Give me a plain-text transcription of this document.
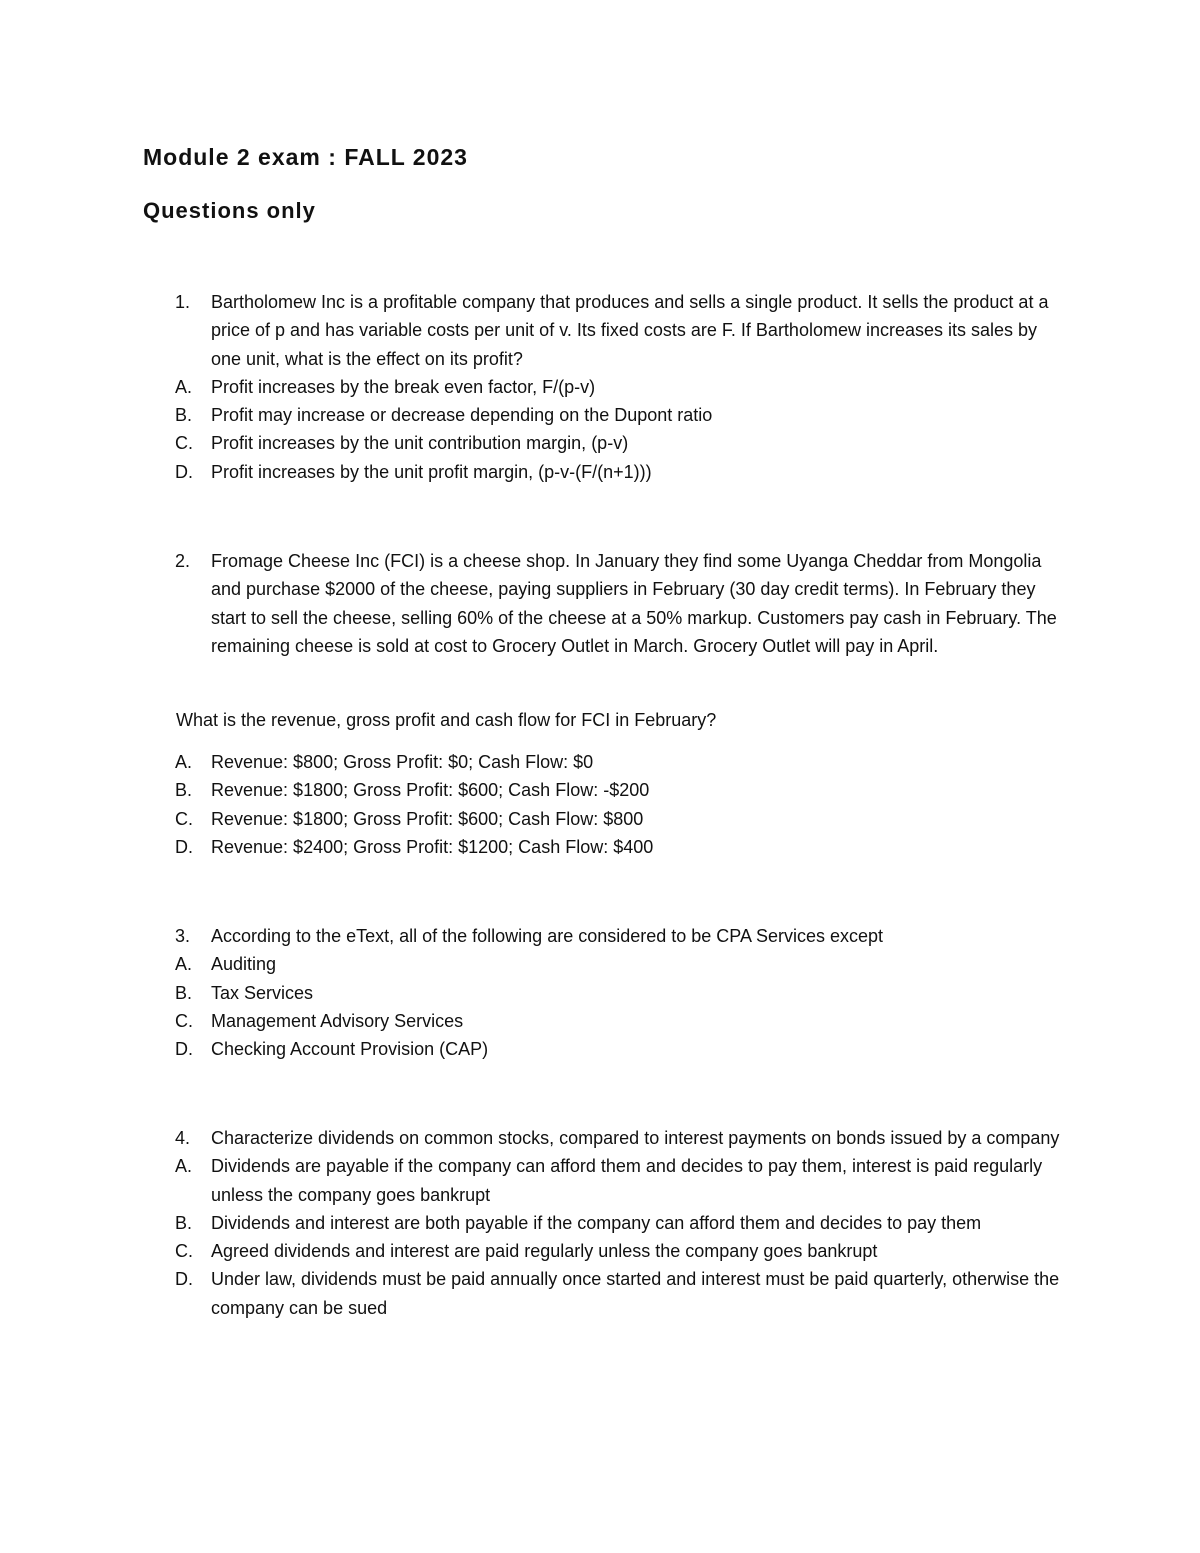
Module 2 exam : FALL 2023
Questions only
1.	Bartholomew Inc is a profitable company that produces and sells a single product. It sells the product at a price of p and has variable costs per unit of v. Its fixed costs are F. If Bartholomew increases its sales by one unit, what is the effect on its profit?
A.	Profit increases by the break even factor, F/(p-v)
B.	Profit may increase or decrease depending on the Dupont ratio
C.	Profit increases by the unit contribution margin, (p-v)
D.	Profit increases by the unit profit margin, (p-v-(F/(n+1)))
2.	Fromage Cheese Inc (FCI) is a cheese shop. In January they find some Uyanga Cheddar from Mongolia and purchase $2000 of the cheese, paying suppliers in February (30 day credit terms). In February they start to sell the cheese, selling 60% of the cheese at a 50% markup. Customers pay cash in February. The remaining cheese is sold at cost to Grocery Outlet in March. Grocery Outlet will pay in April.
What is the revenue, gross profit and cash flow for FCI in February?
A.	Revenue: $800; Gross Profit: $0; Cash Flow: $0
B.	Revenue: $1800; Gross Profit: $600; Cash Flow: -$200
C.	Revenue: $1800; Gross Profit: $600; Cash Flow: $800
D.	Revenue: $2400; Gross Profit: $1200; Cash Flow: $400
3.	According to the eText, all of the following are considered to be CPA Services except
A.	Auditing
B.	Tax Services
C.	Management Advisory Services
D.	Checking Account Provision (CAP)
4.	Characterize dividends on common stocks, compared to interest payments on bonds issued by a company
A.	Dividends are payable if the company can afford them and decides to pay them, interest is paid regularly unless the company goes bankrupt
B.	Dividends and interest are both payable if the company can afford them and decides to pay them
C.	Agreed dividends and interest are paid regularly unless the company goes bankrupt
D.	Under law, dividends must be paid annually once started and interest must be paid quarterly, otherwise the company can be sued
